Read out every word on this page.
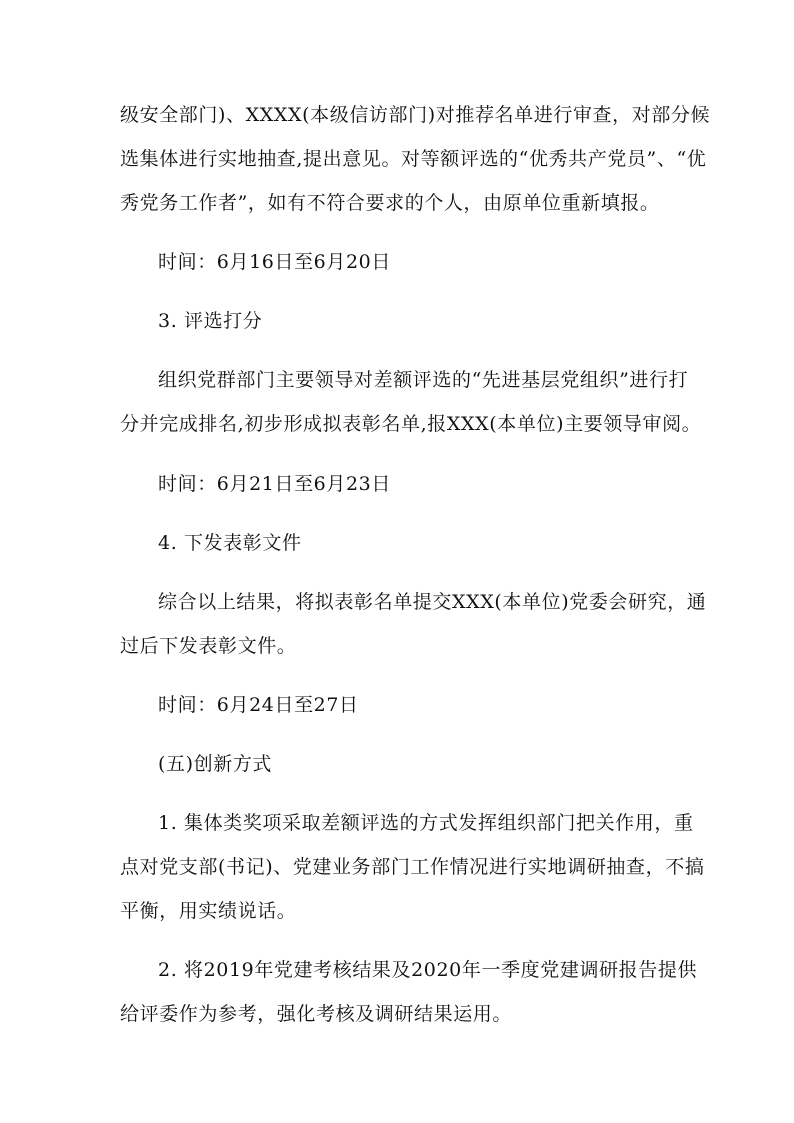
级安全部门)、XXXX(本级信访部门)对推荐名单进行审查，对部分候
选集体进行实地抽查,提出意见。对等额评选的“优秀共产党员”、“优
秀党务工作者”，如有不符合要求的个人，由原单位重新填报。
时间：6月16日至6月20日
3. 评选打分
组织党群部门主要领导对差额评选的“先进基层党组织”进行打
分并完成排名,初步形成拟表彰名单,报XXX(本单位)主要领导审阅。
时间：6月21日至6月23日
4. 下发表彰文件
综合以上结果，将拟表彰名单提交XXX(本单位)党委会研究，通
过后下发表彰文件。
时间：6月24日至27日
(五)创新方式
1. 集体类奖项采取差额评选的方式发挥组织部门把关作用，重
点对党支部(书记)、党建业务部门工作情况进行实地调研抽查，不搞
平衡，用实绩说话。
2. 将2019年党建考核结果及2020年一季度党建调研报告提供
给评委作为参考，强化考核及调研结果运用。
